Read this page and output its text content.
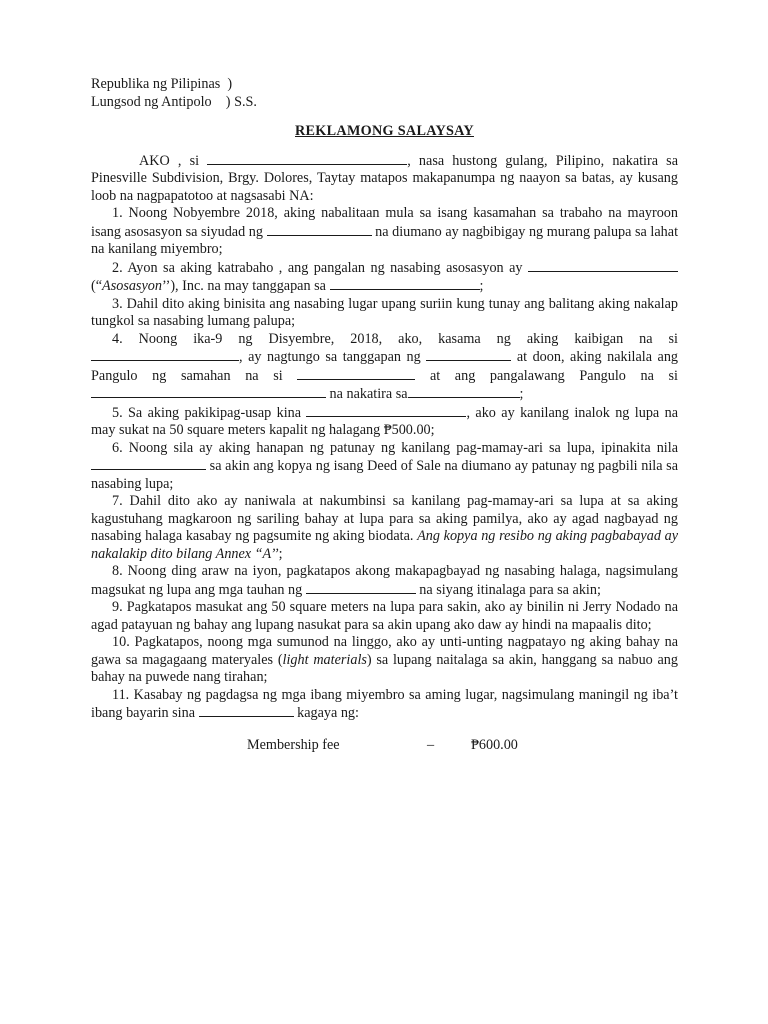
Republika ng Pilipinas )
Lungsod ng Antipolo ) S.S.
REKLAMONG SALAYSAY

AKO , si	, nasa hustong gulang, Pilipino, nakatira sa Pinesville Subdivision, Brgy. Dolores, Taytay matapos makapanumpa ng naayon sa batas, ay kusang loob na nagpapatotoo at nagsasabi NA:

1. Noong Nobyembre 2018, aking nabalitaan mula sa isang kasamahan sa trabaho na mayroon isang asosasyon sa siyudad ng	na diumano ay nagbibigay ng murang palupa sa lahat na kanilang miyembro;

2. Ayon sa aking katrabaho , ang pangalan ng nasabing asosasyon ay  (“Asosasyon’’), Inc. na may tanggapan sa	;

3. Dahil dito aking binisita ang nasabing lugar upang suriin kung tunay ang balitang aking nakalap tungkol sa nasabing lumang palupa;

4. Noong ika-9 ng Disyembre, 2018, ako, kasama ng aking kaibigan na si , ay nagtungo sa tanggapan ng	at doon, aking nakilala ang Pangulo ng samahan na si	at ang pangalawang Pangulo na si  na nakatira sa	;

5. Sa aking pakikipag-usap kina	, ako ay kanilang inalok ng lupa na may sukat na 50 square meters kapalit ng halagang ₱500.00;

6. Noong sila ay aking hanapan ng patunay ng kanilang pag-mamay-ari sa lupa, ipinakita nila  sa akin ang kopya ng isang Deed of Sale na diumano ay patunay ng pagbili nila sa nasabing lupa;

7. Dahil dito ako ay naniwala at nakumbinsi sa kanilang pag-mamay-ari sa lupa at sa aking kagustuhang magkaroon ng sariling bahay at lupa para sa aking pamilya, ako ay agad nagbayad ng nasabing halaga kasabay ng pagsumite ng aking biodata. Ang kopya ng resibo ng aking pagbabayad ay nakalakip dito bilang Annex “A’’;

8. Noong ding araw na iyon, pagkatapos akong makapagbayad ng nasabing halaga, nagsimulang magsukat ng lupa ang mga tauhan ng	na siyang itinalaga para sa akin;

9. Pagkatapos masukat ang 50 square meters na lupa para sakin, ako ay binilin ni Jerry Nodado na agad patayuan ng bahay ang lupang nasukat para sa akin upang ako daw ay hindi na mapaalis dito;

10. Pagkatapos, noong mga sumunod na linggo, ako ay unti-unting nagpatayo ng aking bahay na gawa sa magagaang materyales (light materials) sa lupang naitalaga sa akin, hanggang sa nabuo ang bahay na puwede nang tirahan;

11. Kasabay ng pagdagsa ng mga ibang miyembro sa aming lugar, nagsimulang maningil ng iba’t ibang bayarin sina	kagaya ng:

Membership fee	–	₱600.00
